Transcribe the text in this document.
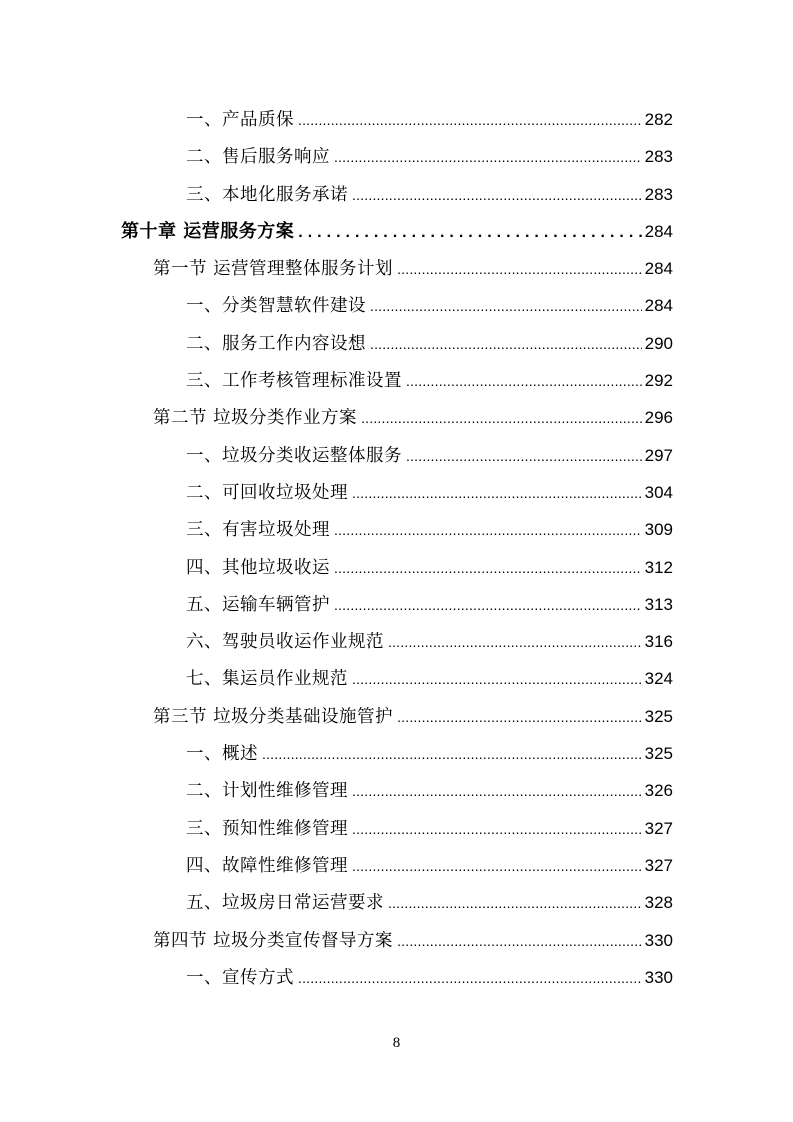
一、产品质保 .....	282
二、售后服务响应 .....	283
三、本地化服务承诺 .....	283
第十章 运营服务方案 .....	284
第一节 运营管理整体服务计划 .....	284
一、分类智慧软件建设 .....	284
二、服务工作内容设想 .....	290
三、工作考核管理标准设置 .....	292
第二节 垃圾分类作业方案 .....	296
一、垃圾分类收运整体服务 .....	297
二、可回收垃圾处理 .....	304
三、有害垃圾处理 .....	309
四、其他垃圾收运 .....	312
五、运输车辆管护 .....	313
六、驾驶员收运作业规范 .....	316
七、集运员作业规范 .....	324
第三节 垃圾分类基础设施管护 .....	325
一、概述 .....	325
二、计划性维修管理 .....	326
三、预知性维修管理 .....	327
四、故障性维修管理 .....	327
五、垃圾房日常运营要求 .....	328
第四节 垃圾分类宣传督导方案 .....	330
一、宣传方式 .....	330
8
